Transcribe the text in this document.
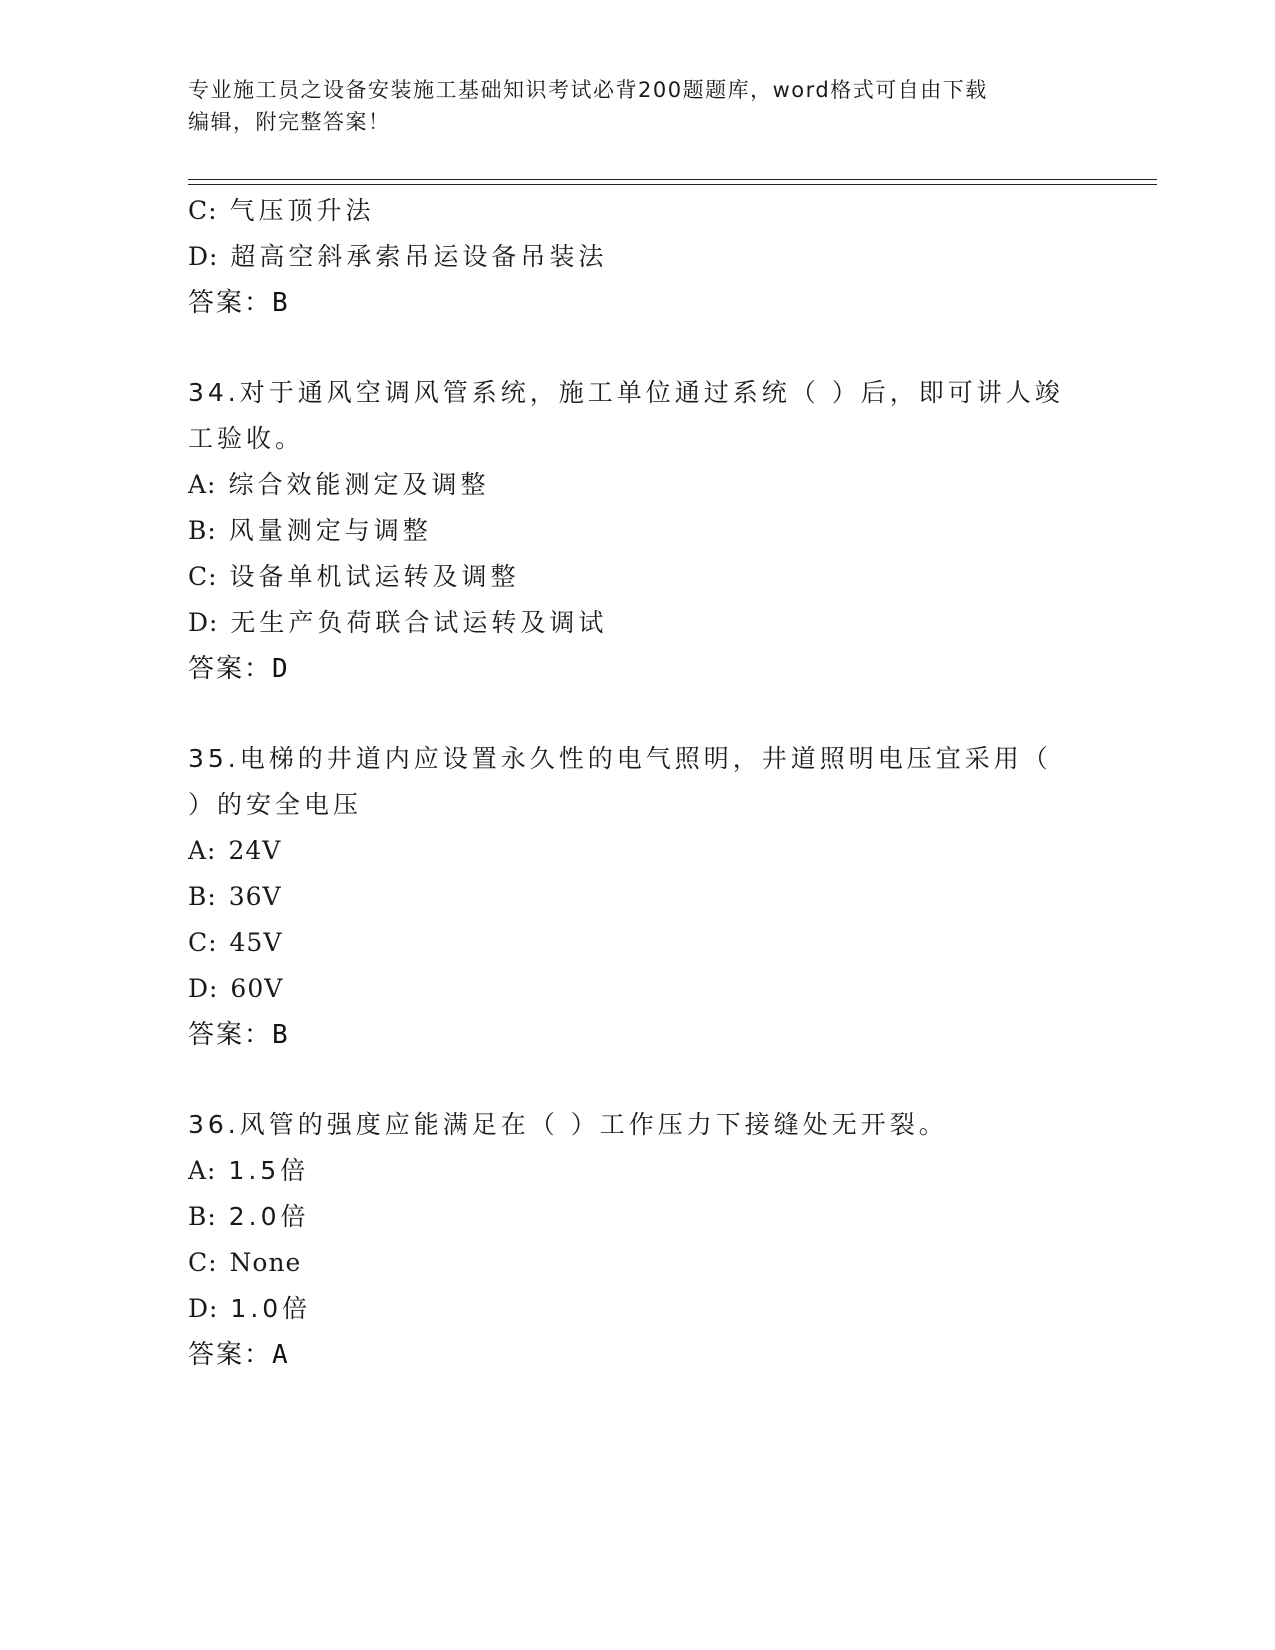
专业施工员之设备安装施工基础知识考试必背200题题库，word格式可自由下载
编辑，附完整答案！
C: 气压顶升法
D: 超高空斜承索吊运设备吊装法
答案：B
34.对于通风空调风管系统，施工单位通过系统（ ）后，即可讲人竣
工验收。
A: 综合效能测定及调整
B: 风量测定与调整
C: 设备单机试运转及调整
D: 无生产负荷联合试运转及调试
答案：D
35.电梯的井道内应设置永久性的电气照明，井道照明电压宜采用（
）的安全电压
A: 24V
B: 36V
C: 45V
D: 60V
答案：B
36.风管的强度应能满足在（ ）工作压力下接缝处无开裂。
A: 1.5倍
B: 2.0倍
C: None
D: 1.0倍
答案：A
